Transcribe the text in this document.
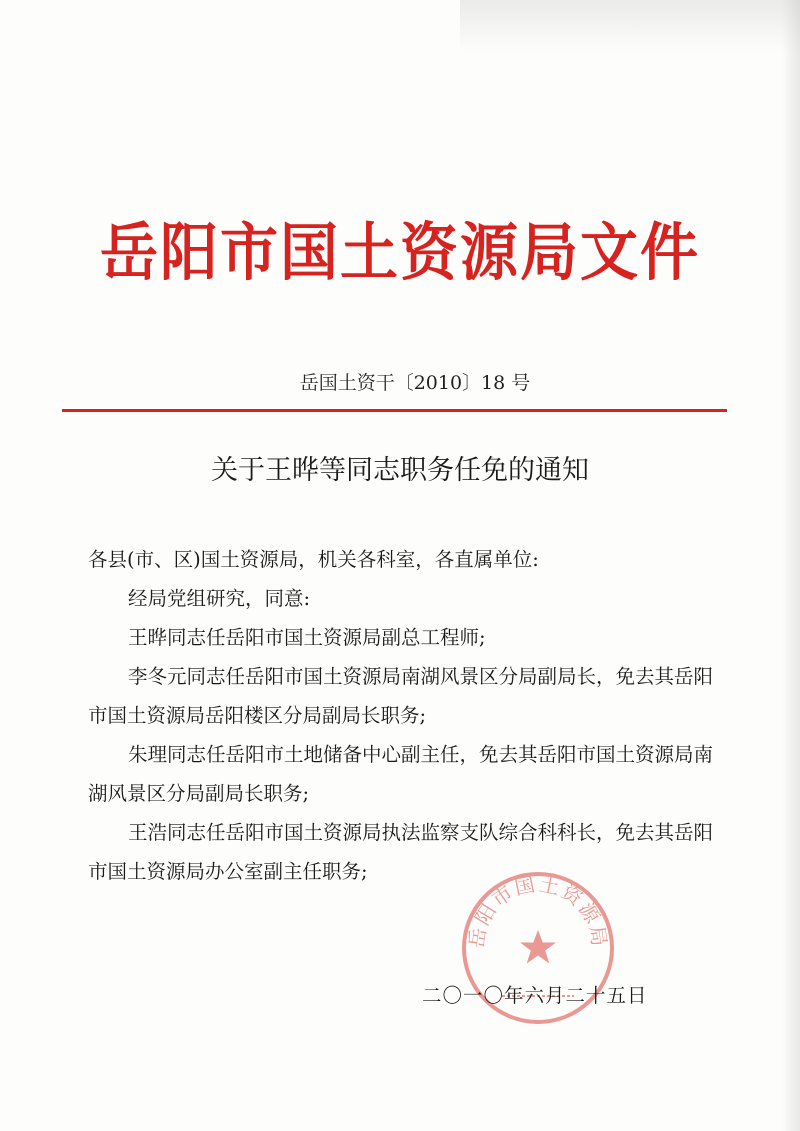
岳阳市国土资源局文件
岳国土资干〔2010〕18 号
关于王晔等同志职务任免的通知

各县(市、区)国土资源局，机关各科室，各直属单位:

经局党组研究，同意:

王晔同志任岳阳市国土资源局副总工程师;

李冬元同志任岳阳市国土资源局南湖风景区分局副局长，免去其岳阳市国土资源局岳阳楼区分局副局长职务;

朱理同志任岳阳市土地储备中心副主任，免去其岳阳市国土资源局南湖风景区分局副局长职务;

王浩同志任岳阳市国土资源局执法监察支队综合科科长，免去其岳阳市国土资源局办公室副主任职务;

岳阳市国土资源局
二〇一〇年六月二十五日
